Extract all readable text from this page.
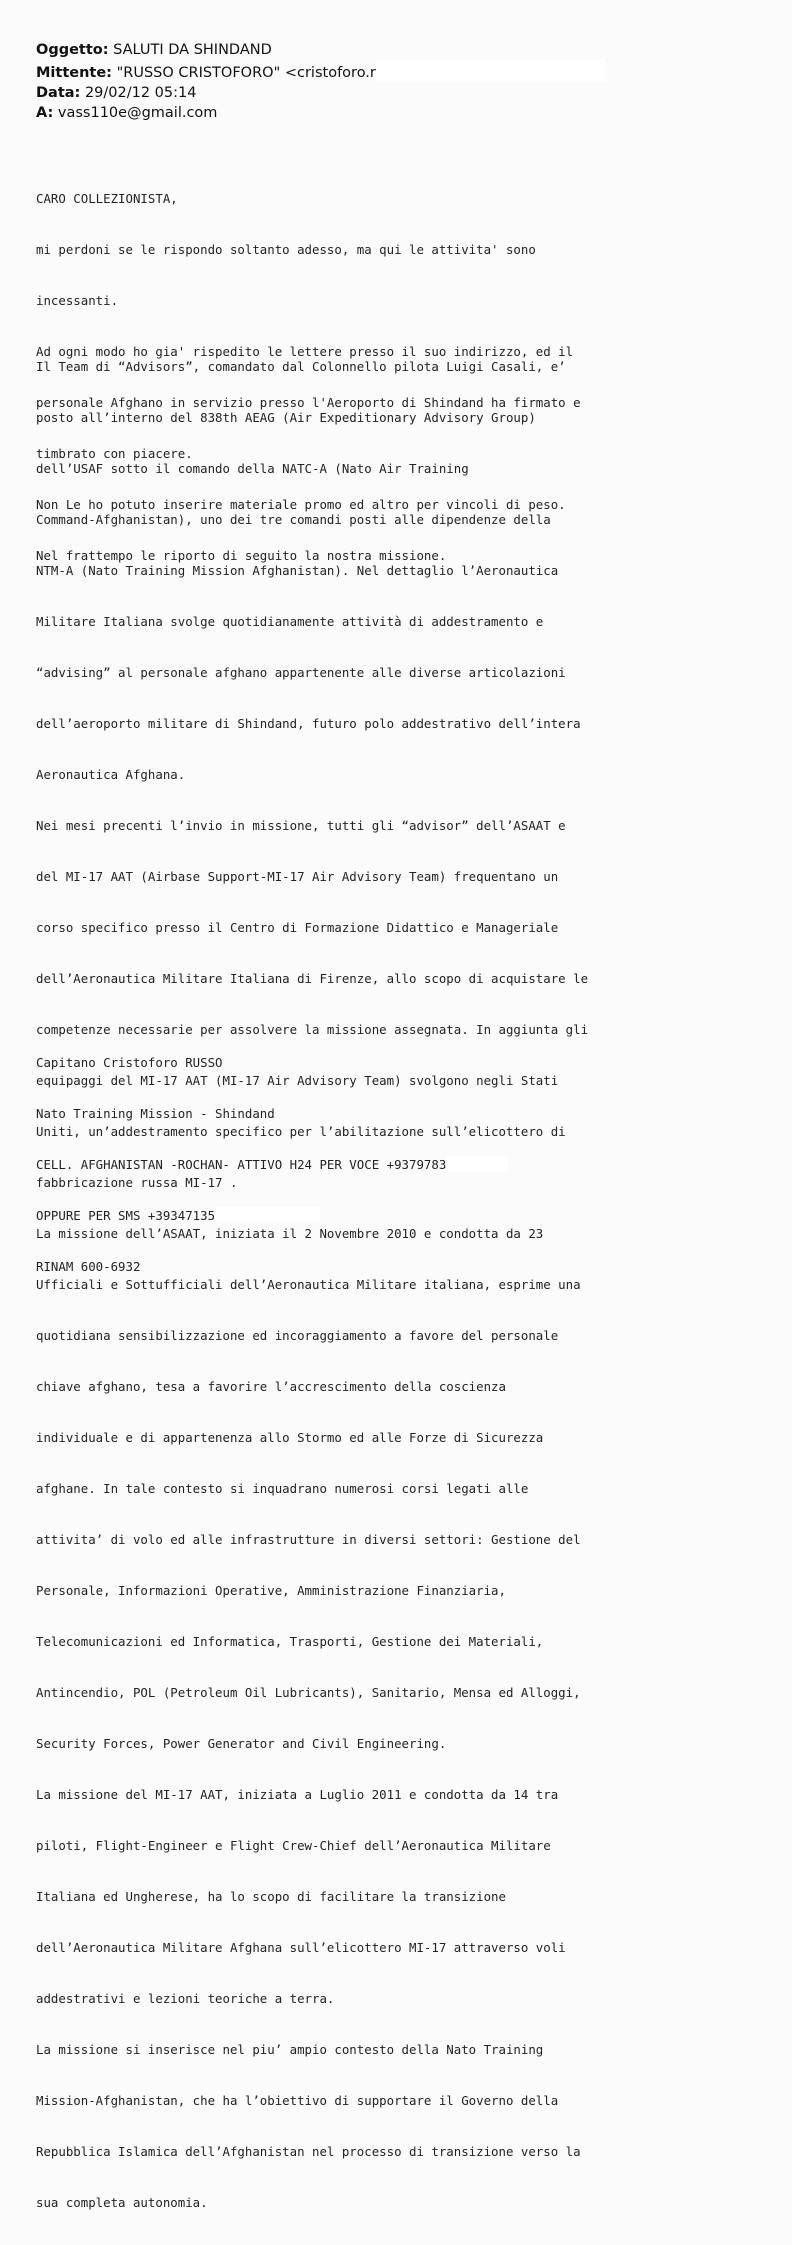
Oggetto: SALUTI DA SHINDAND
Mittente: "RUSSO CRISTOFORO" <cristoforo.r
Data: 29/02/12 05:14
A: vass110e@gmail.com

CARO COLLEZIONISTA,

mi perdoni se le rispondo soltanto adesso, ma qui le attivita' sono

incessanti.

Ad ogni modo ho gia' rispedito le lettere presso il suo indirizzo, ed il

personale Afghano in servizio presso l'Aeroporto di Shindand ha firmato e

timbrato con piacere.

Non Le ho potuto inserire materiale promo ed altro per vincoli di peso.

Nel frattempo le riporto di seguito la nostra missione.

Il Team di “Advisors”, comandato dal Colonnello pilota Luigi Casali, e’

posto all’interno del 838th AEAG (Air Expeditionary Advisory Group)

dell’USAF sotto il comando della NATC-A (Nato Air Training

Command-Afghanistan), uno dei tre comandi posti alle dipendenze della

NTM-A (Nato Training Mission Afghanistan). Nel dettaglio l’Aeronautica

Militare Italiana svolge quotidianamente attività di addestramento e

“advising” al personale afghano appartenente alle diverse articolazioni

dell’aeroporto militare di Shindand, futuro polo addestrativo dell’intera

Aeronautica Afghana.

Nei mesi precenti l’invio in missione, tutti gli “advisor” dell’ASAAT e

del MI-17 AAT (Airbase Support-MI-17 Air Advisory Team) frequentano un

corso specifico presso il Centro di Formazione Didattico e Manageriale

dell’Aeronautica Militare Italiana di Firenze, allo scopo di acquistare le

competenze necessarie per assolvere la missione assegnata. In aggiunta gli

equipaggi del MI-17 AAT (MI-17 Air Advisory Team) svolgono negli Stati

Uniti, un’addestramento specifico per l’abilitazione sull’elicottero di

fabbricazione russa MI-17 .

La missione dell’ASAAT, iniziata il 2 Novembre 2010 e condotta da 23

Ufficiali e Sottufficiali dell’Aeronautica Militare italiana, esprime una

quotidiana sensibilizzazione ed incoraggiamento a favore del personale

chiave afghano, tesa a favorire l’accrescimento della coscienza

individuale e di appartenenza allo Stormo ed alle Forze di Sicurezza

afghane. In tale contesto si inquadrano numerosi corsi legati alle

attivita’ di volo ed alle infrastrutture in diversi settori: Gestione del

Personale, Informazioni Operative, Amministrazione Finanziaria,

Telecomunicazioni ed Informatica, Trasporti, Gestione dei Materiali,

Antincendio, POL (Petroleum Oil Lubricants), Sanitario, Mensa ed Alloggi,

Security Forces, Power Generator and Civil Engineering.

La missione del MI-17 AAT, iniziata a Luglio 2011 e condotta da 14 tra

piloti, Flight-Engineer e Flight Crew-Chief dell’Aeronautica Militare

Italiana ed Ungherese, ha lo scopo di facilitare la transizione

dell’Aeronautica Militare Afghana sull’elicottero MI-17 attraverso voli

addestrativi e lezioni teoriche a terra.

La missione si inserisce nel piu’ ampio contesto della Nato Training

Mission-Afghanistan, che ha l’obiettivo di supportare il Governo della

Repubblica Islamica dell’Afghanistan nel processo di transizione verso la

sua completa autonomia.

Capitano Cristoforo RUSSO

Nato Training Mission - Shindand

CELL. AFGHANISTAN -ROCHAN- ATTIVO H24 PER VOCE +9379783

OPPURE PER SMS +39347135

RINAM 600-6932
